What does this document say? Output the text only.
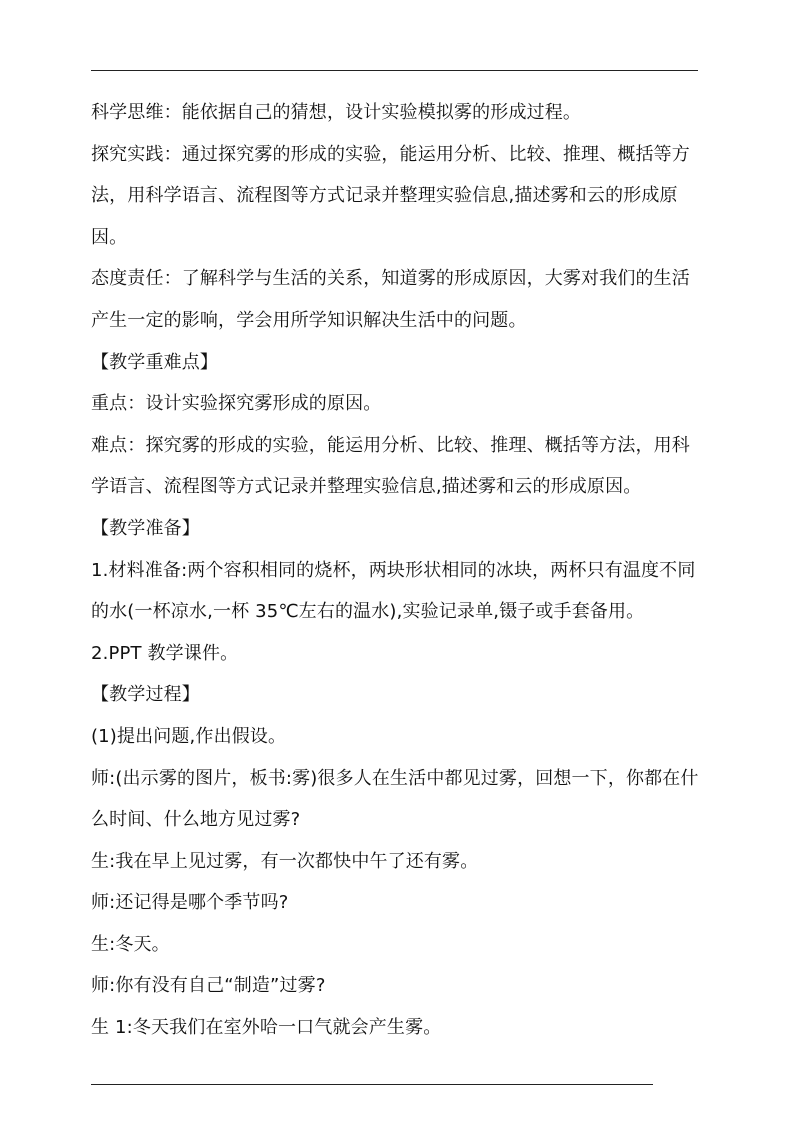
科学思维：能依据自己的猜想，设计实验模拟雾的形成过程。
探究实践：通过探究雾的形成的实验，能运用分析、比较、推理、概括等方
法，用科学语言、流程图等方式记录并整理实验信息,描述雾和云的形成原
因。
态度责任：了解科学与生活的关系，知道雾的形成原因，大雾对我们的生活
产生一定的影响，学会用所学知识解决生活中的问题。
【教学重难点】
重点：设计实验探究雾形成的原因。
难点：探究雾的形成的实验，能运用分析、比较、推理、概括等方法，用科
学语言、流程图等方式记录并整理实验信息,描述雾和云的形成原因。
【教学准备】
1.材料准备:两个容积相同的烧杯，两块形状相同的冰块，两杯只有温度不同
的水(一杯凉水,一杯 35℃左右的温水),实验记录单,镊子或手套备用。
2.PPT 教学课件。
【教学过程】
(1)提出问题,作出假设。
师:(出示雾的图片，板书:雾)很多人在生活中都见过雾，回想一下，你都在什
么时间、什么地方见过雾?
生:我在早上见过雾，有一次都快中午了还有雾。
师:还记得是哪个季节吗?
生:冬天。
师:你有没有自己“制造”过雾?
生 1:冬天我们在室外哈一口气就会产生雾。
